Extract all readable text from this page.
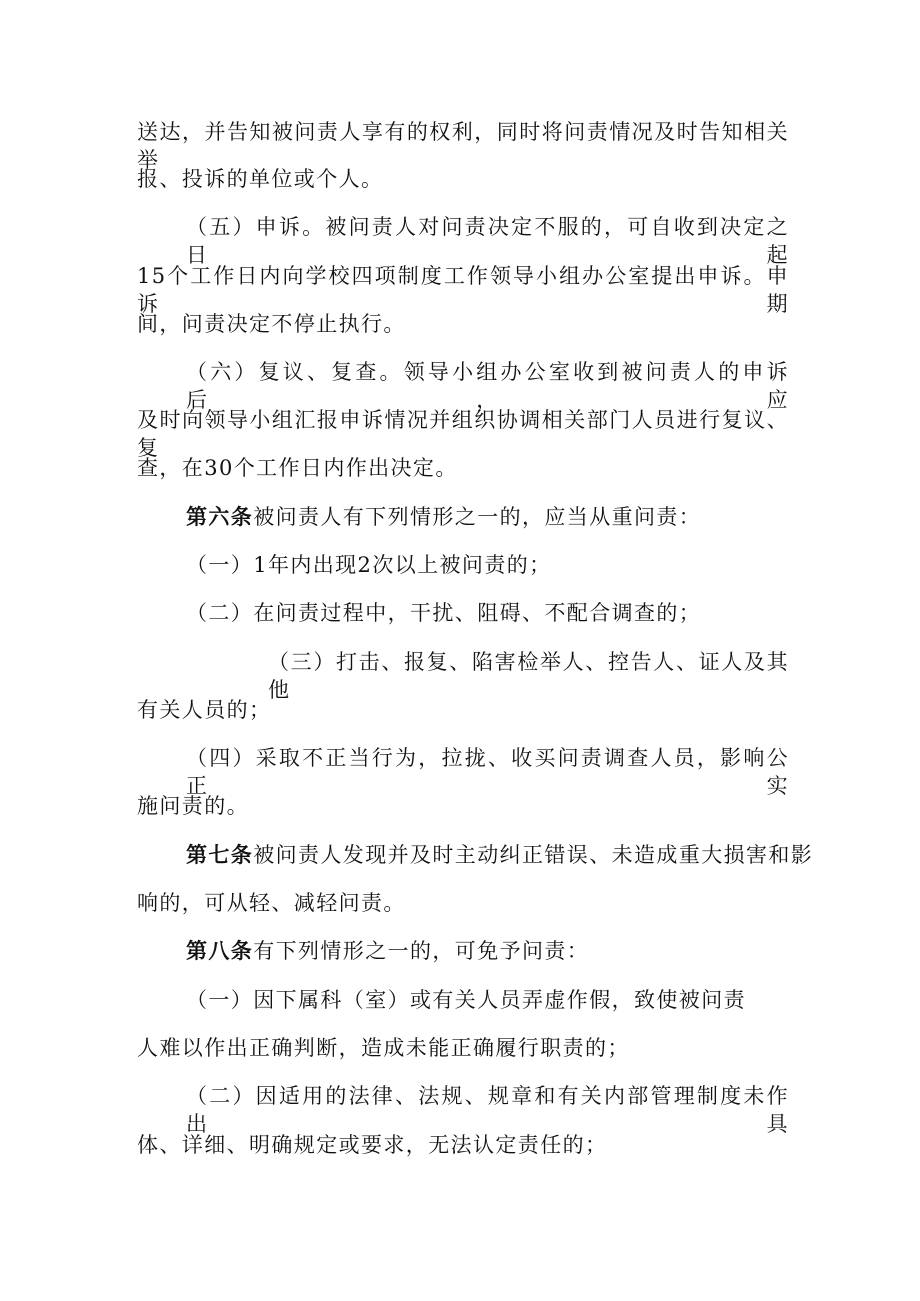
送达，并告知被问责人享有的权利，同时将问责情况及时告知相关举
报、投诉的单位或个人。
（五）申诉。被问责人对问责决定不服的，可自收到决定之日起
15个工作日内向学校四项制度工作领导小组办公室提出申诉。申诉期
间，问责决定不停止执行。
（六）复议、复查。领导小组办公室收到被问责人的申诉后，应
及时向领导小组汇报申诉情况并组织协调相关部门人员进行复议、复
查，在30个工作日内作出决定。
第六条被问责人有下列情形之一的，应当从重问责：
（一）1年内出现2次以上被问责的；
（二）在问责过程中，干扰、阻碍、不配合调查的；
（三）打击、报复、陷害检举人、控告人、证人及其他
有关人员的；
（四）采取不正当行为，拉拢、收买问责调查人员，影响公正实
施问责的。
第七条被问责人发现并及时主动纠正错误、未造成重大损害和影
响的，可从轻、减轻问责。
第八条有下列情形之一的，可免予问责：
（一）因下属科（室）或有关人员弄虚作假，致使被问责
人难以作出正确判断，造成未能正确履行职责的；
（二）因适用的法律、法规、规章和有关内部管理制度未作出具
体、详细、明确规定或要求，无法认定责任的；
